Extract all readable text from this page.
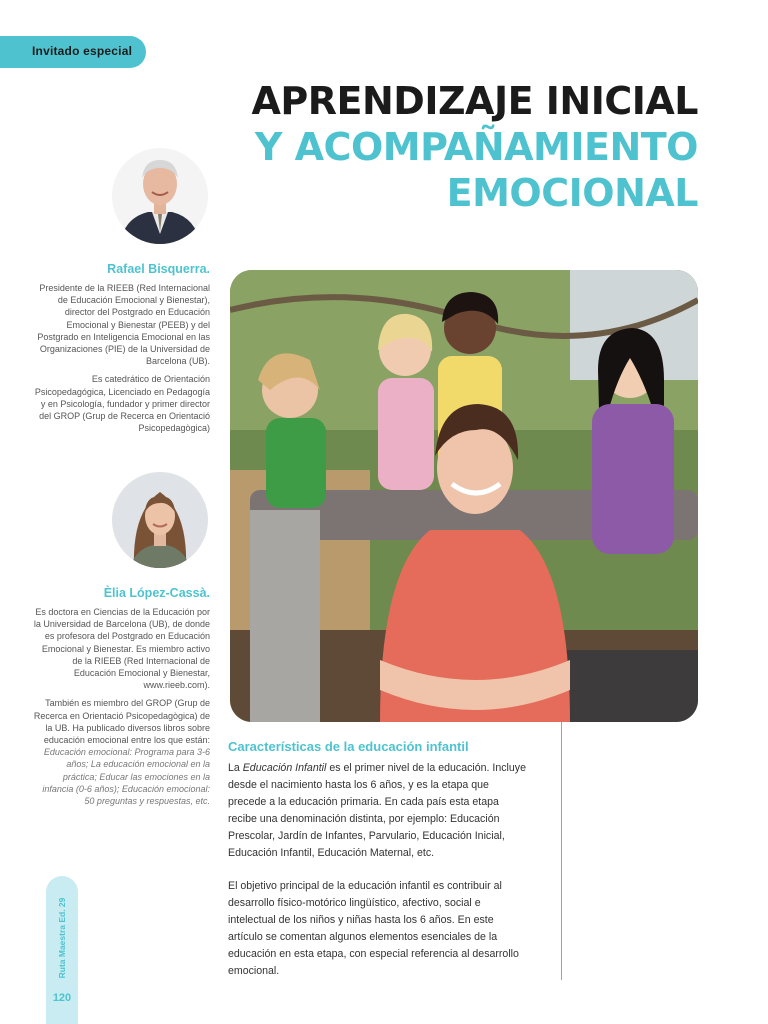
Invitado especial
APRENDIZAJE INICIAL
Y ACOMPAÑAMIENTO
EMOCIONAL
Rafael Bisquerra.

Presidente de la RIEEB (Red Internacional de Educación Emocional y Bienestar), director del Postgrado en Educación Emocional y Bienestar (PEEB) y del Postgrado en Inteligencia Emocional en las Organizaciones (PIE) de la Universidad de Barcelona (UB).

Es catedrático de Orientación Psicopedagógica, Licenciado en Pedagogía y en Psicología, fundador y primer director del GROP (Grup de Recerca en Orientació Psicopedagògica)

Èlia López-Cassà.

Es doctora en Ciencias de la Educación por la Universidad de Barcelona (UB), de donde es profesora del Postgrado en Educación Emocional y Bienestar. Es miembro activo de la RIEEB (Red Internacional de Educación Emocional y Bienestar, www.rieeb.com).

También es miembro del GROP (Grup de Recerca en Orientació Psicopedagògica) de la UB. Ha publicado diversos libros sobre educación emocional entre los que están:

Educación emocional: Programa para 3-6 años; La educación emocional en la práctica; Educar las emociones en la infancia (0-6 años); Educación emocional: 50 preguntas y respuestas, etc.

Características de la educación infantil

La Educación Infantil es el primer nivel de la educación. Incluye desde el nacimiento hasta los 6 años, y es la etapa que precede a la educación primaria. En cada país esta etapa recibe una denominación distinta, por ejemplo: Educación Prescolar, Jardín de Infantes, Parvulario, Educación Inicial, Educación Infantil, Educación Maternal, etc.

El objetivo principal de la educación infantil es contribuir al desarrollo físico-motórico lingüístico, afectivo, social e intelectual de los niños y niñas hasta los 6 años. En este artículo se comentan algunos elementos esenciales de la educación en esta etapa, con especial referencia al desarrollo emocional.

Ruta Maestra Ed. 29
120
